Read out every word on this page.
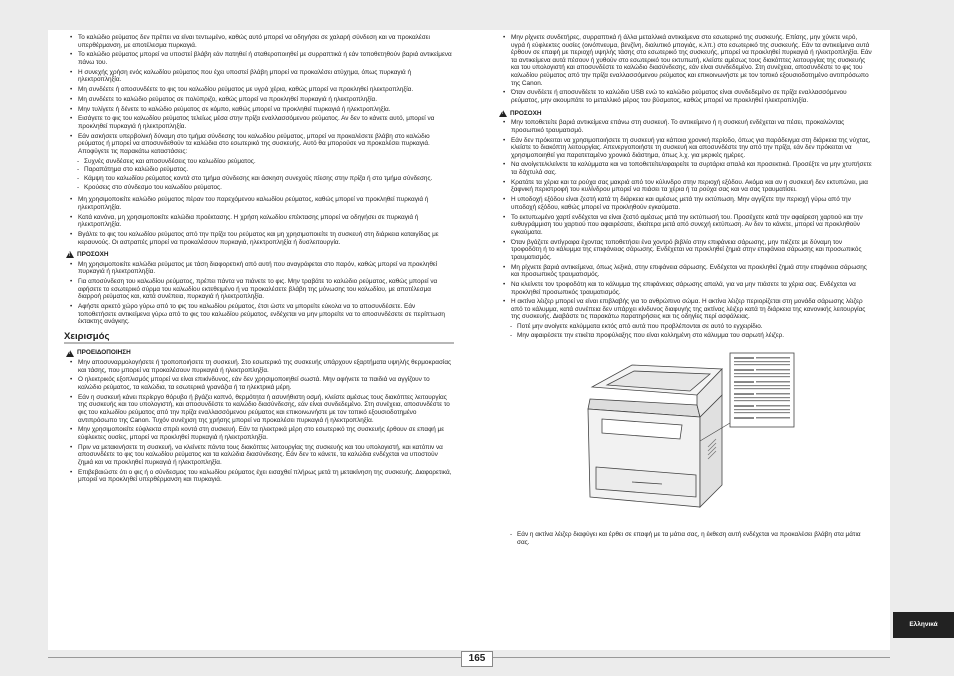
• Το καλώδιο ρεύματος δεν πρέπει να είναι τεντωμένο, καθώς αυτό μπορεί να οδηγήσει σε χαλαρή σύνδεση και να προκαλέσει υπερθέρμανση, με αποτέλεσμα πυρκαγιά.
• Το καλώδιο ρεύματος μπορεί να υποστεί βλάβη εάν πατηθεί ή σταθεροποιηθεί με συρραπτικά ή εάν τοποθετηθούν βαριά αντικείμενα πάνω του.
• Η συνεχής χρήση ενός καλωδίου ρεύματος που έχει υποστεί βλάβη μπορεί να προκαλέσει ατύχημα, όπως πυρκαγιά ή ηλεκτροπληξία.
• Μη συνδέετε ή αποσυνδέετε το φις του καλωδίου ρεύματος με υγρά χέρια, καθώς μπορεί να προκληθεί ηλεκτροπληξία.
• Μη συνδέετε το καλώδιο ρεύματος σε πολύπριζο, καθώς μπορεί να προκληθεί πυρκαγιά ή ηλεκτροπληξία.
• Μην τυλίγετε ή δένετε το καλώδιο ρεύματος σε κόμπο, καθώς μπορεί να προκληθεί πυρκαγιά ή ηλεκτροπληξία.
• Εισάγετε το φις του καλωδίου ρεύματος τελείως μέσα στην πρίζα εναλλασσόμενου ρεύματος. Αν δεν το κάνετε αυτό, μπορεί να προκληθεί πυρκαγιά ή ηλεκτροπληξία.
• Εάν ασκήσετε υπερβολική δύναμη στο τμήμα σύνδεσης του καλωδίου ρεύματος, μπορεί να προκαλέσετε βλάβη στο καλώδιο ρεύματος ή μπορεί να αποσυνδεθούν τα καλώδια στο εσωτερικό της συσκευής. Αυτό θα μπορούσε να προκαλέσει πυρκαγιά. Αποφύγετε τις παρακάτω καταστάσεις:
- Συχνές συνδέσεις και αποσυνδέσεις του καλωδίου ρεύματος.
- Παραπάτημα στο καλώδιο ρεύματος.
- Κάμψη του καλωδίου ρεύματος κοντά στο τμήμα σύνδεσης και άσκηση συνεχούς πίεσης στην πρίζα ή στο τμήμα σύνδεσης.
- Κρούσεις στο σύνδεσμο του καλωδίου ρεύματος.
• Μη χρησιμοποιείτε καλώδιο ρεύματος πέραν του παρεχόμενου καλωδίου ρεύματος, καθώς μπορεί να προκληθεί πυρκαγιά ή ηλεκτροπληξία.
• Κατά κανόνα, μη χρησιμοποιείτε καλώδια προέκτασης. Η χρήση καλωδίου επέκτασης μπορεί να οδηγήσει σε πυρκαγιά ή ηλεκτροπληξία.
• Βγάλτε το φις του καλωδίου ρεύματος από την πρίζα του ρεύματος και μη χρησιμοποιείτε τη συσκευή στη διάρκεια καταιγίδας με κεραυνούς. Οι αστραπές μπορεί να προκαλέσουν πυρκαγιά, ηλεκτροπληξία ή δυσλειτουργία.
!
ΠΡΟΣΟΧΗ
• Μη χρησιμοποιείτε καλώδια ρεύματος με τάση διαφορετική από αυτή που αναγράφεται στο παρόν, καθώς μπορεί να προκληθεί πυρκαγιά ή ηλεκτροπληξία.
• Για αποσύνδεση του καλωδίου ρεύματος, πρέπει πάντα να πιάνετε το φις. Μην τραβάτε το καλώδιο ρεύματος, καθώς μπορεί να αφήσετε το εσωτερικό σύρμα του καλωδίου εκτεθειμένο ή να προκαλέσετε βλάβη της μόνωσης του καλωδίου, με αποτέλεσμα διαρροή ρεύματος και, κατά συνέπεια, πυρκαγιά ή ηλεκτροπληξία.
• Αφήστε αρκετό χώρο γύρω από το φις του καλωδίου ρεύματος, έτσι ώστε να μπορείτε εύκολα να το αποσυνδέσετε. Εάν τοποθετήσετε αντικείμενα γύρω από το φις του καλωδίου ρεύματος, ενδέχεται να μην μπορείτε να το αποσυνδέσετε σε περίπτωση έκτακτης ανάγκης.
Χειρισμός
!
ΠΡΟΕΙΔΟΠΟΙΗΣΗ
• Μην αποσυναρμολογήσετε ή τροποποιήσετε τη συσκευή. Στο εσωτερικό της συσκευής υπάρχουν εξαρτήματα υψηλής θερμοκρασίας και τάσης, που μπορεί να προκαλέσουν πυρκαγιά ή ηλεκτροπληξία.
• Ο ηλεκτρικός εξοπλισμός μπορεί να είναι επικίνδυνος, εάν δεν χρησιμοποιηθεί σωστά. Μην αφήνετε τα παιδιά να αγγίζουν το καλώδιο ρεύματος, τα καλώδια, τα εσωτερικά γρανάζια ή τα ηλεκτρικά μέρη.
• Εάν η συσκευή κάνει περίεργο θόρυβο ή βγάζει καπνό, θερμότητα ή ασυνήθιστη οσμή, κλείστε αμέσως τους διακόπτες λειτουργίας της συσκευής και του υπολογιστή, και αποσυνδέστε το καλώδιο διασύνδεσης, εάν είναι συνδεδεμένο. Στη συνέχεια, αποσυνδέστε το φις του καλωδίου ρεύματος από την πρίζα εναλλασσόμενου ρεύματος και επικοινωνήστε με τον τοπικό εξουσιοδοτημένο αντιπρόσωπο της Canon. Τυχόν συνέχιση της χρήσης μπορεί να προκαλέσει πυρκαγιά ή ηλεκτροπληξία.
• Μην χρησιμοποιείτε εύφλεκτα σπρέι κοντά στη συσκευή. Εάν τα ηλεκτρικά μέρη στο εσωτερικό της συσκευής έρθουν σε επαφή με εύφλεκτες ουσίες, μπορεί να προκληθεί πυρκαγιά ή ηλεκτροπληξία.
• Πριν να μετακινήσετε τη συσκευή, να κλείνετε πάντα τους διακόπτες λειτουργίας της συσκευής και του υπολογιστή, και κατόπιν να αποσυνδέετε το φις του καλωδίου ρεύματος και τα καλώδια διασύνδεσης. Εάν δεν το κάνετε, τα καλώδια ενδέχεται να υποστούν ζημιά και να προκληθεί πυρκαγιά ή ηλεκτροπληξία.
• Επιβεβαιώστε ότι ο φις ή ο σύνδεσμος του καλωδίου ρεύματος έχει εισαχθεί πλήρως μετά τη μετακίνηση της συσκευής. Διαφορετικά, μπορεί να προκληθεί υπερθέρμανση και πυρκαγιά.
• Μην ρίχνετε συνδετήρες, συρραπτικά ή άλλα μεταλλικά αντικείμενα στο εσωτερικό της συσκευής. Επίσης, μην χύνετε νερό, υγρά ή εύφλεκτες ουσίες (οινόπνευμα, βενζίνη, διαλυτικό μπογιάς, κ.λπ.) στο εσωτερικό της συσκευής. Εάν τα αντικείμενα αυτά έρθουν σε επαφή με περιοχή υψηλής τάσης στο εσωτερικό της συσκευής, μπορεί να προκληθεί πυρκαγιά ή ηλεκτροπληξία. Εάν τα αντικείμενα αυτά πέσουν ή χυθούν στο εσωτερικό του εκτυπωτή, κλείστε αμέσως τους διακόπτες λειτουργίας της συσκευής και του υπολογιστή και αποσυνδέστε το καλώδιο διασύνδεσης, εάν είναι συνδεδεμένο. Στη συνέχεια, αποσυνδέστε το φις του καλωδίου ρεύματος από την πρίζα εναλλασσόμενου ρεύματος και επικοινωνήστε με τον τοπικό εξουσιοδοτημένο αντιπρόσωπο της Canon.
• Όταν συνδέετε ή αποσυνδέετε το καλώδιο USB ενώ το καλώδιο ρεύματος είναι συνδεδεμένο σε πρίζα εναλλασσόμενου ρεύματος, μην ακουμπάτε το μεταλλικό μέρος του βύσματος, καθώς μπορεί να προκληθεί ηλεκτροπληξία.
!
ΠΡΟΣΟΧΗ
• Μην τοποθετείτε βαριά αντικείμενα επάνω στη συσκευή. Το αντικείμενο ή η συσκευή ενδέχεται να πέσει, προκαλώντας προσωπικό τραυματισμό.
• Εάν δεν πρόκειται να χρησιμοποιήσετε τη συσκευή για κάποια χρονική περίοδο, όπως για παράδειγμα στη διάρκεια της νύχτας, κλείστε το διακόπτη λειτουργίας. Απενεργοποιήστε τη συσκευή και αποσυνδέστε την από την πρίζα, εάν δεν πρόκειται να χρησιμοποιηθεί για παρατεταμένο χρονικό διάστημα, όπως λ.χ. για μερικές ημέρες.
• Να ανοίγετε/κλείνετε τα καλύμματα και να τοποθετείτε/αφαιρείτε τα συρτάρια απαλά και προσεκτικά. Προσέξτε να μην χτυπήσετε τα δάχτυλά σας.
• Κρατάτε τα χέρια και τα ρούχα σας μακριά από τον κύλινδρο στην περιοχή εξόδου. Ακόμα και αν η συσκευή δεν εκτυπώνει, μια ξαφνική περιστροφή του κυλίνδρου μπορεί να πιάσει τα χέρια ή τα ρούχα σας και να σας τραυματίσει.
• Η υποδοχή εξόδου είναι ζεστή κατά τη διάρκεια και αμέσως μετά την εκτύπωση. Μην αγγίζετε την περιοχή γύρω από την υποδοχή εξόδου, καθώς μπορεί να προκληθούν εγκαύματα.
• Το εκτυπωμένο χαρτί ενδέχεται να είναι ζεστό αμέσως μετά την εκτύπωσή του. Προσέχετε κατά την αφαίρεση χαρτιού και την ευθυγράμμιση του χαρτιού που αφαιρέσατε, ιδιαίτερα μετά από συνεχή εκτύπωση. Αν δεν το κάνετε, μπορεί να προκληθούν εγκαύματα.
• Όταν βγάζετε αντίγραφα έχοντας τοποθετήσει ένα χοντρό βιβλίο στην επιφάνεια σάρωσης, μην πιέζετε με δύναμη τον τροφοδότη ή το κάλυμμα της επιφάνειας σάρωσης. Ενδέχεται να προκληθεί ζημιά στην επιφάνεια σάρωσης και προσωπικός τραυματισμός.
• Μη ρίχνετε βαριά αντικείμενα, όπως λεξικά, στην επιφάνεια σάρωσης. Ενδέχεται να προκληθεί ζημιά στην επιφάνεια σάρωσης και προσωπικός τραυματισμός.
• Να κλείνετε τον τροφοδότη και το κάλυμμα της επιφάνειας σάρωσης απαλά, για να μην πιάσετε τα χέρια σας. Ενδέχεται να προκληθεί προσωπικός τραυματισμός.
• Η ακτίνα λέιζερ μπορεί να είναι επιβλαβής για το ανθρώπινο σώμα. Η ακτίνα λέιζερ περιορίζεται στη μονάδα σάρωσης λέιζερ από το κάλυμμα, κατά συνέπεια δεν υπάρχει κίνδυνος διαφυγής της ακτίνας λέιζερ κατά τη διάρκεια της κανονικής λειτουργίας της συσκευής. Διαβάστε τις παρακάτω παρατηρήσεις και τις οδηγίες περί ασφάλειας.
- Ποτέ μην ανοίγετε καλύμματα εκτός από αυτά που προβλέπονται σε αυτό το εγχειρίδιο.
- Μην αφαιρέσετε την ετικέτα προφύλαξης που είναι κολλημένη στο κάλυμμα του σαρωτή λέιζερ.
- Εάν η ακτίνα λέιζερ διαφύγει και έρθει σε επαφή με τα μάτια σας, η έκθεση αυτή ενδέχεται να προκαλέσει βλάβη στα μάτια σας.
165
Ελληνικά
